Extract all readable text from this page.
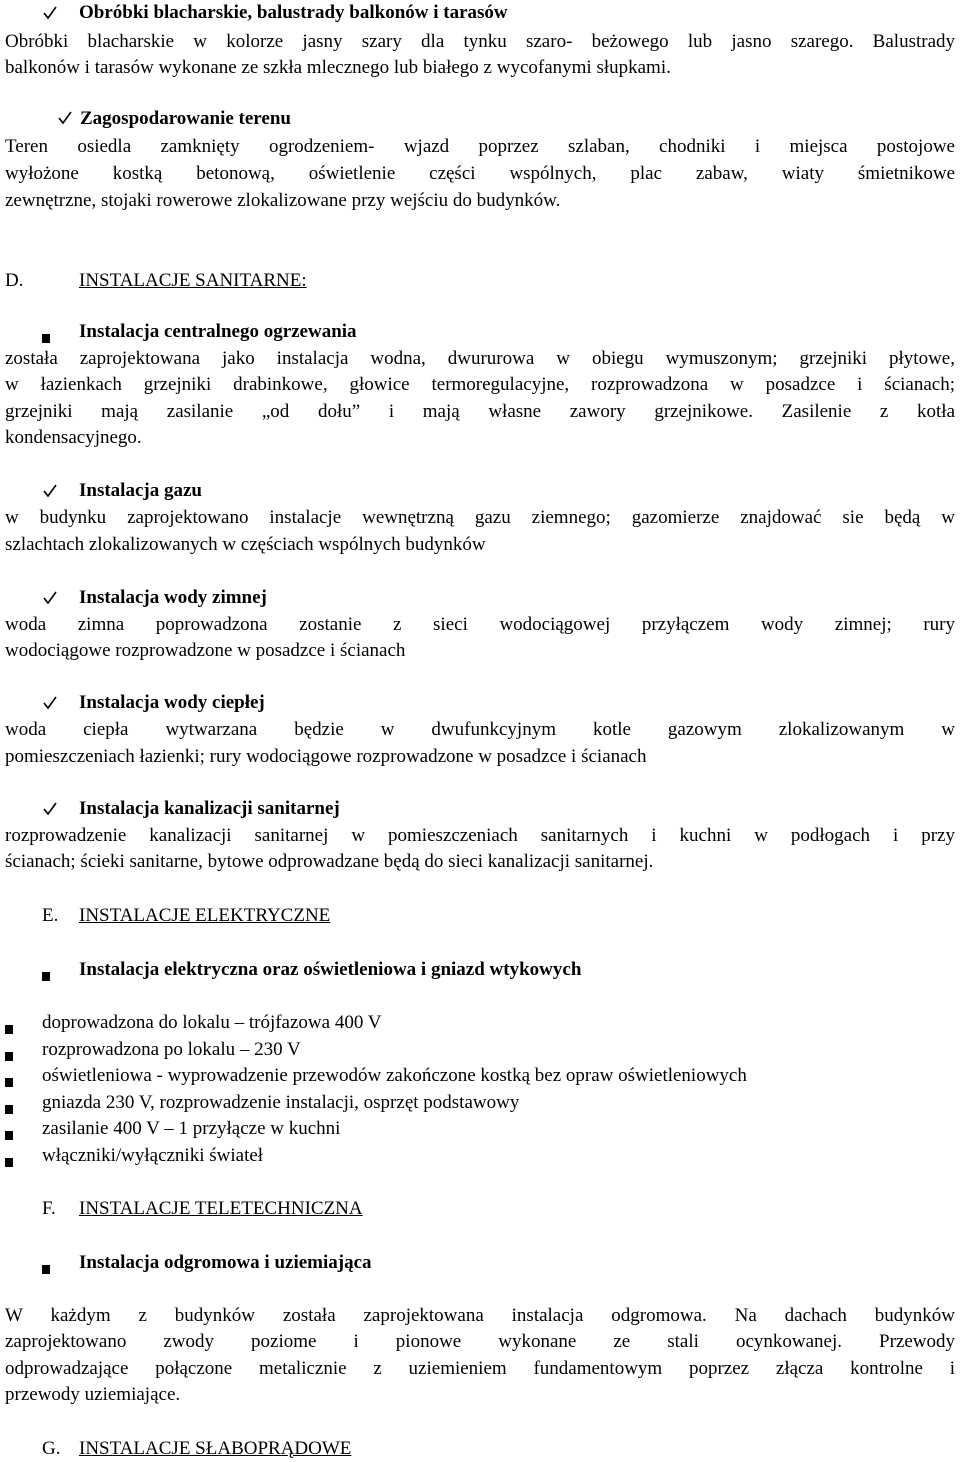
Obróbki blacharskie, balustrady balkonów i tarasów
Obróbki blacharskie w kolorze jasny szary dla tynku szaro- beżowego lub jasno szarego. Balustrady
balkonów i tarasów wykonane ze szkła mlecznego lub białego z wycofanymi słupkami.
Zagospodarowanie terenu
Teren osiedla zamknięty ogrodzeniem- wjazd poprzez szlaban, chodniki i miejsca postojowe
wyłożone kostką betonową, oświetlenie części wspólnych, plac zabaw, wiaty śmietnikowe
zewnętrzne, stojaki rowerowe zlokalizowane przy wejściu do budynków.
D.	INSTALACJE SANITARNE:
Instalacja centralnego ogrzewania
została zaprojektowana jako instalacja wodna, dwururowa w obiegu wymuszonym; grzejniki płytowe,
w łazienkach grzejniki drabinkowe, głowice termoregulacyjne, rozprowadzona w posadzce i ścianach;
grzejniki mają zasilanie „od dołu” i mają własne zawory grzejnikowe. Zasilenie z kotła
kondensacyjnego.
Instalacja gazu
w budynku zaprojektowano instalacje wewnętrzną gazu ziemnego; gazomierze znajdować sie będą w
szlachtach zlokalizowanych w częściach wspólnych budynków
Instalacja wody zimnej
woda zimna poprowadzona zostanie z sieci wodociągowej przyłączem wody zimnej; rury
wodociągowe rozprowadzone w posadzce i ścianach
Instalacja wody ciepłej
woda ciepła wytwarzana będzie w dwufunkcyjnym kotle gazowym zlokalizowanym w
pomieszczeniach łazienki; rury wodociągowe rozprowadzone w posadzce i ścianach
Instalacja kanalizacji sanitarnej
rozprowadzenie kanalizacji sanitarnej w pomieszczeniach sanitarnych i kuchni w podłogach i przy
ścianach; ścieki sanitarne, bytowe odprowadzane będą do sieci kanalizacji sanitarnej.
E.	INSTALACJE ELEKTRYCZNE
Instalacja elektryczna oraz oświetleniowa i gniazd wtykowych
doprowadzona do lokalu – trójfazowa 400 V
rozprowadzona po lokalu – 230 V
oświetleniowa - wyprowadzenie przewodów zakończone kostką bez opraw oświetleniowych
gniazda 230 V, rozprowadzenie instalacji, osprzęt podstawowy
zasilanie 400 V – 1 przyłącze w kuchni
włączniki/wyłączniki świateł
F.	INSTALACJE TELETECHNICZNA
Instalacja odgromowa i uziemiająca
W każdym z budynków została zaprojektowana instalacja odgromowa. Na dachach budynków
zaprojektowano zwody poziome i pionowe wykonane ze stali ocynkowanej. Przewody
odprowadzające połączone metalicznie z uziemieniem fundamentowym poprzez złącza kontrolne i
przewody uziemiające.
G. INSTALACJE SŁABOPRĄDOWE
